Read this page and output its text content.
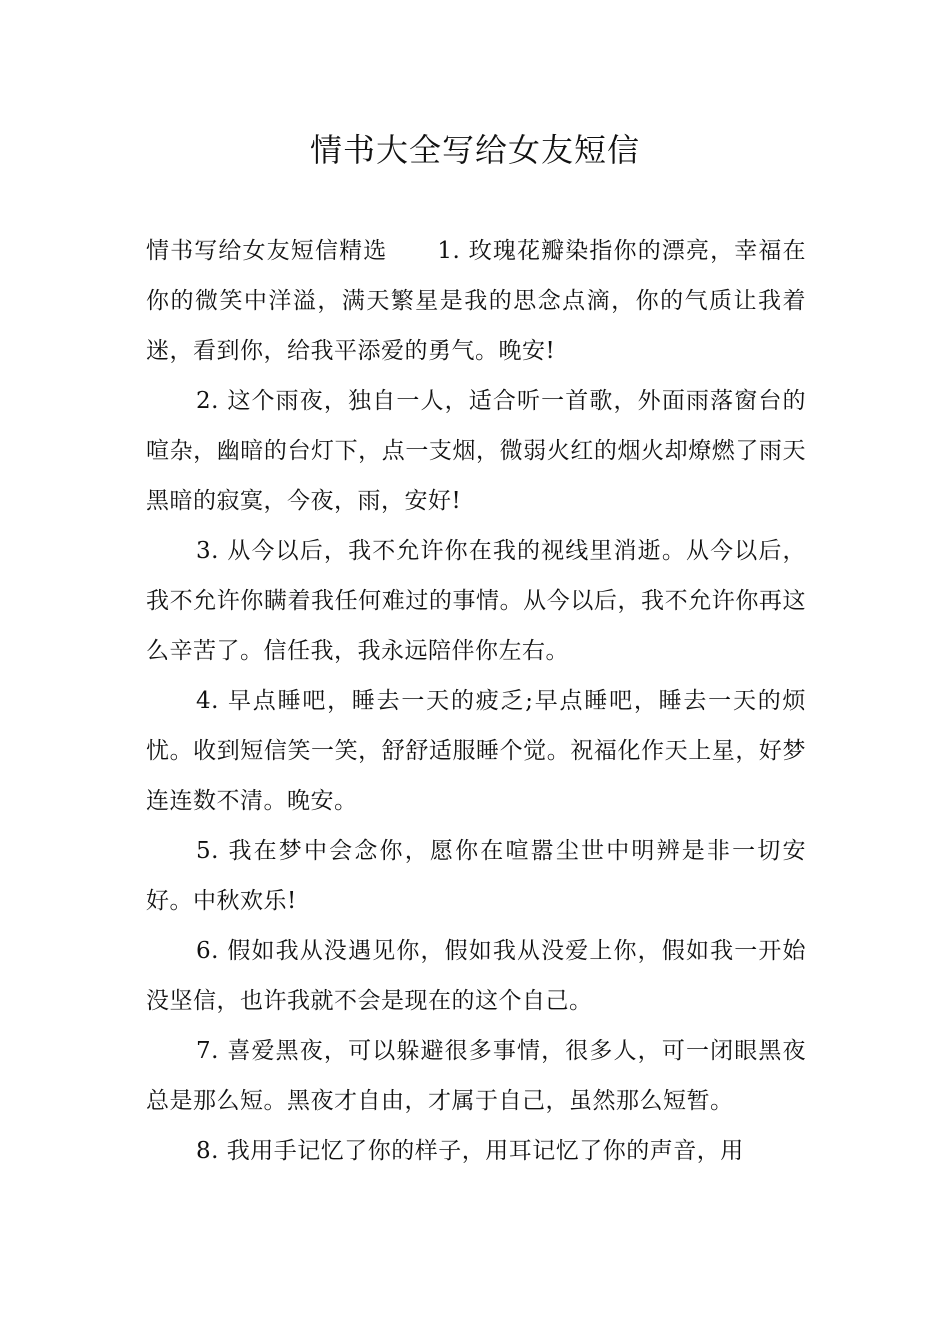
情书大全写给女友短信

情书写给女友短信精选 1. 玫瑰花瓣染指你的漂亮，幸福在你的微笑中洋溢，满天繁星是我的思念点滴，你的气质让我着迷，看到你，给我平添爱的勇气。晚安!

2. 这个雨夜，独自一人，适合听一首歌，外面雨落窗台的喧杂，幽暗的台灯下，点一支烟，微弱火红的烟火却燎燃了雨天黑暗的寂寞，今夜，雨，安好!

3. 从今以后，我不允许你在我的视线里消逝。从今以后，我不允许你瞒着我任何难过的事情。从今以后，我不允许你再这么辛苦了。信任我，我永远陪伴你左右。

4. 早点睡吧，睡去一天的疲乏;早点睡吧，睡去一天的烦忧。收到短信笑一笑，舒舒适服睡个觉。祝福化作天上星，好梦连连数不清。晚安。

5. 我在梦中会念你，愿你在喧嚣尘世中明辨是非一切安好。中秋欢乐!

6. 假如我从没遇见你，假如我从没爱上你，假如我一开始没坚信，也许我就不会是现在的这个自己。

7. 喜爱黑夜，可以躲避很多事情，很多人，可一闭眼黑夜总是那么短。黑夜才自由，才属于自己，虽然那么短暂。

8. 我用手记忆了你的样子，用耳记忆了你的声音，用
